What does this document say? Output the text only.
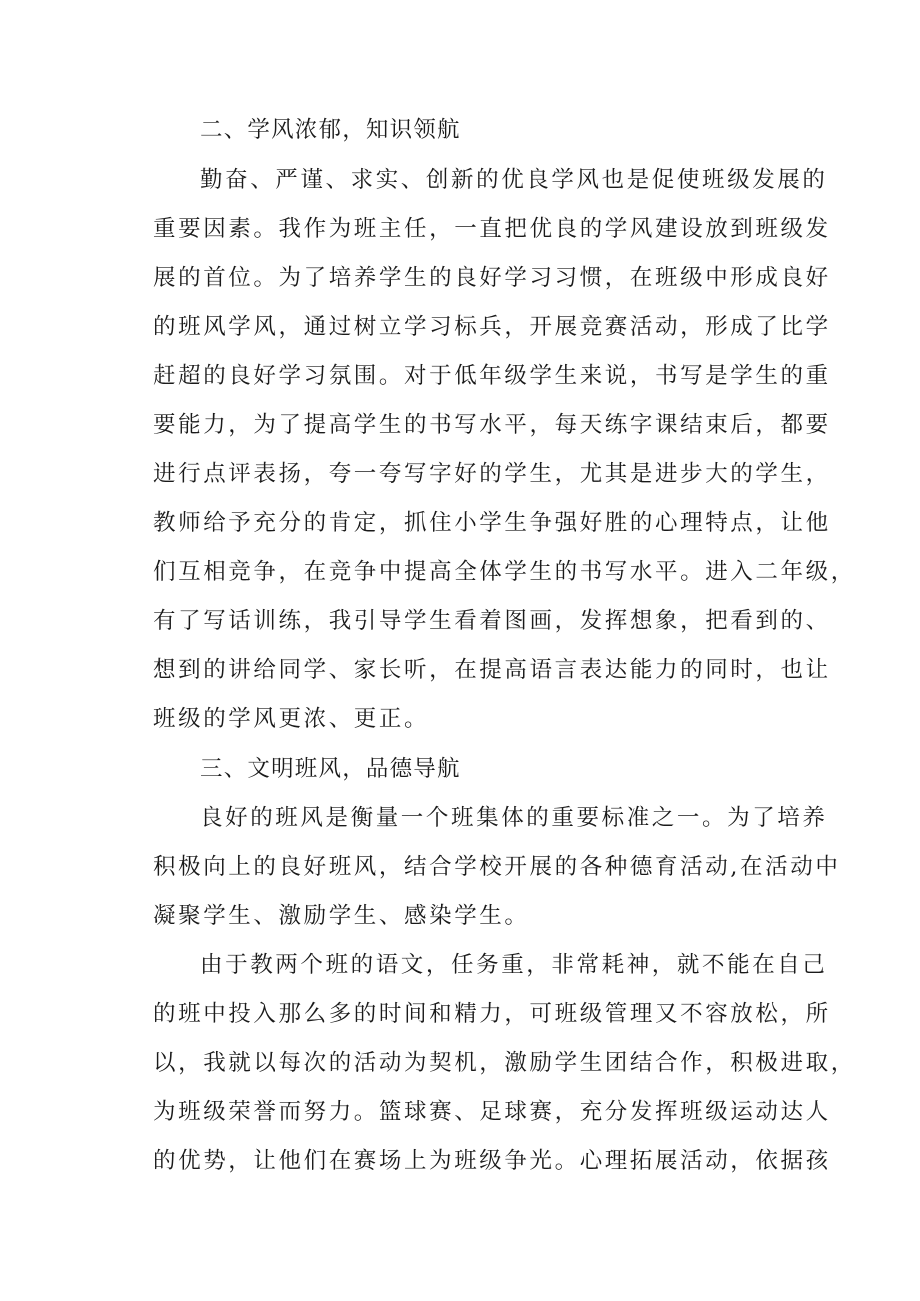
二、学风浓郁，知识领航
勤奋、严谨、求实、创新的优良学风也是促使班级发展的
重要因素。我作为班主任，一直把优良的学风建设放到班级发
展的首位。为了培养学生的良好学习习惯，在班级中形成良好
的班风学风，通过树立学习标兵，开展竞赛活动，形成了比学
赶超的良好学习氛围。对于低年级学生来说，书写是学生的重
要能力，为了提高学生的书写水平，每天练字课结束后，都要
进行点评表扬，夸一夸写字好的学生，尤其是进步大的学生，
教师给予充分的肯定，抓住小学生争强好胜的心理特点，让他
们互相竞争，在竞争中提高全体学生的书写水平。进入二年级，
有了写话训练，我引导学生看着图画，发挥想象，把看到的、
想到的讲给同学、家长听，在提高语言表达能力的同时，也让
班级的学风更浓、更正。
三、文明班风，品德导航
良好的班风是衡量一个班集体的重要标准之一。为了培养
积极向上的良好班风，结合学校开展的各种德育活动,在活动中
凝聚学生、激励学生、感染学生。
由于教两个班的语文，任务重，非常耗神，就不能在自己
的班中投入那么多的时间和精力，可班级管理又不容放松，所
以，我就以每次的活动为契机，激励学生团结合作，积极进取，
为班级荣誉而努力。篮球赛、足球赛，充分发挥班级运动达人
的优势，让他们在赛场上为班级争光。心理拓展活动，依据孩
